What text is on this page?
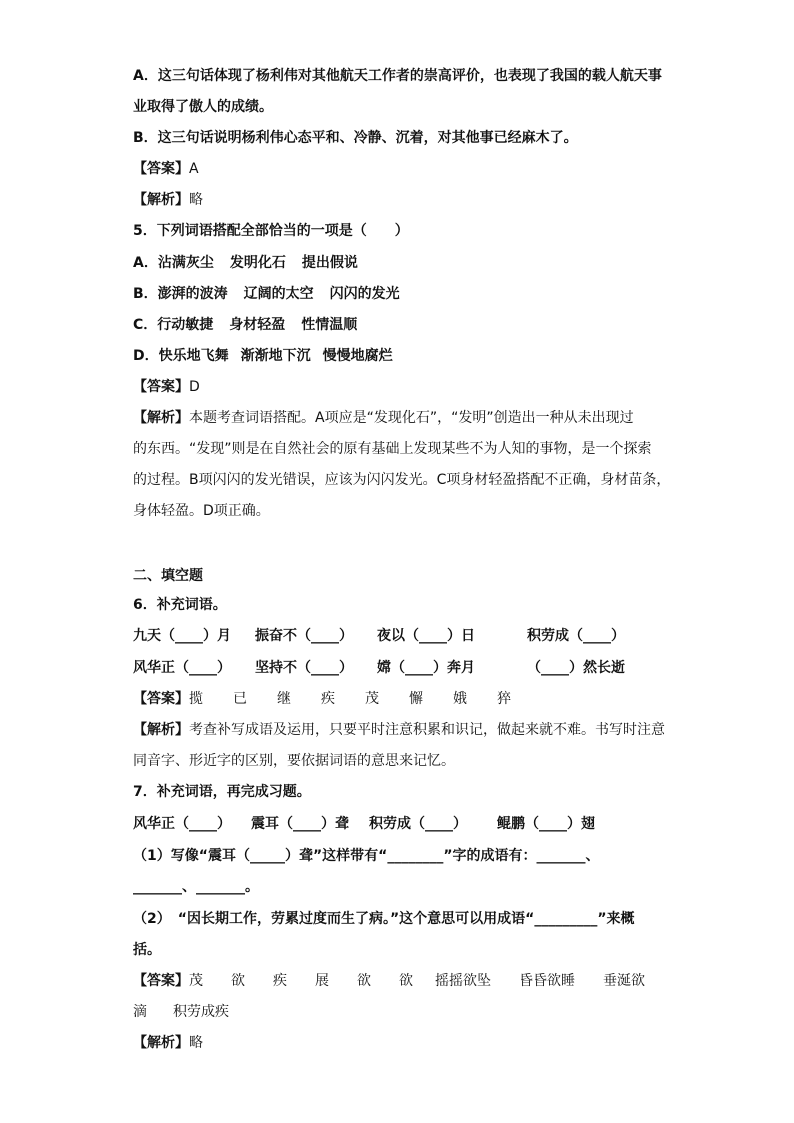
A．这三句话体现了杨利伟对其他航天工作者的崇高评价，也表现了我国的载人航天事
业取得了傲人的成绩。
B．这三句话说明杨利伟心态平和、冷静、沉着，对其他事已经麻木了。
【答案】A
【解析】略
5．下列词语搭配全部恰当的一项是（　　）
A．沾满灰尘 发明化石 提出假说
B．澎湃的波涛 辽阔的太空 闪闪的发光
C．行动敏捷 身材轻盈 性情温顺
D．快乐地飞舞 渐渐地下沉 慢慢地腐烂
【答案】D
【解析】本题考查词语搭配。A项应是“发现化石”，“发明”创造出一种从未出现过
的东西。“发现”则是在自然社会的原有基础上发现某些不为人知的事物，是一个探索
的过程。B项闪闪的发光错误，应该为闪闪发光。C项身材轻盈搭配不正确，身材苗条，
身体轻盈。D项正确。
二、填空题
6．补充词语。
九天（____）月	振奋不（____）	夜以（____）日	积劳成（____）
风华正（____）	坚持不（____）	嫦（____）奔月	（____）然长逝
【答案】 揽	已	继	疾	茂	懈	娥	猝
【解析】考查补写成语及运用，只要平时注意积累和识记，做起来就不难。书写时注意
同音字、形近字的区别，要依据词语的意思来记忆。
7．补充词语，再完成习题。
风华正（____）	震耳（____）聋	积劳成（____）	鲲鹏（____）翅
（1）写像“震耳（_____）聋”这样带有“________”字的成语有：_______、
_______、_______。
（2）　“因长期工作，劳累过度而生了病。”这个意思可以用成语“_________”来概
括。
【答案】 茂	欲	疾	展	欲	欲	摇摇欲坠	昏昏欲睡	垂涎欲
滴	积劳成疾
【解析】略
